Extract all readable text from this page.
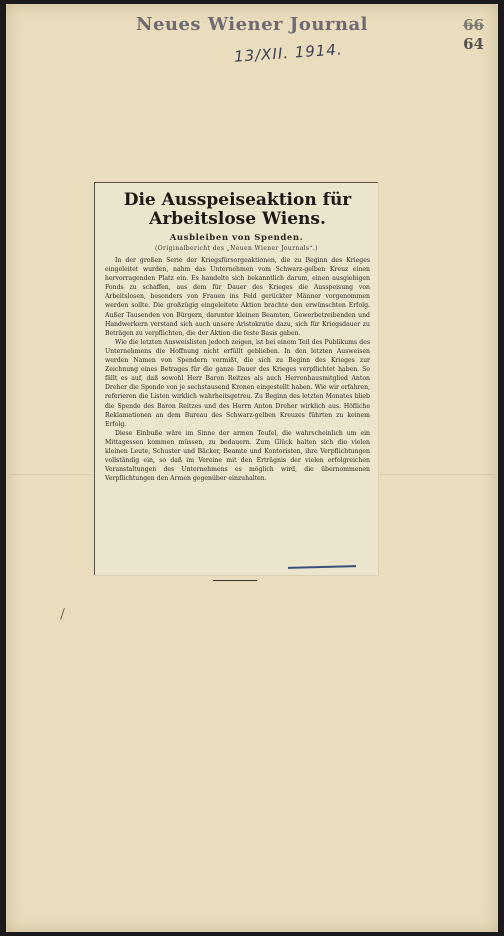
Neues Wiener Journal	66
64
13/XII. 1914.
Die Ausspeiseaktion für Arbeitslose Wiens.
Ausbleiben von Spenden.
(Originalbericht des „Neuen Wiener Journals“.)

In der großen Serie der Kriegsfürsorgeaktionen, die zu Beginn des Krieges eingeleitet wurden, nahm das Unternehmen vom Schwarz-gelben Kreuz einen hervorragenden Platz ein. Es handelte sich bekanntlich darum, einen ausgiebigen Fonds zu schaffen, aus dem für Dauer des Krieges die Ausspeisung von Arbeitslosen, besonders von Frauen ins Feld gerückter Männer vorgenommen werden sollte. Die großzügig eingeleitete Aktion brachte den erwünschten Erfolg. Außer Tausenden von Bürgern, darunter kleinen Beamten, Gewerbetreibenden und Handwerkern verstand sich auch unsere Aristokratie dazu, sich für Kriegsdauer zu Beträgen zu verpflichten, die der Aktion die feste Basis gaben.

Wie die letzten Ausweislisten jedoch zeigen, ist bei einem Teil des Publikums des Unternehmens die Hoffnung nicht erfüllt geblieben. In den letzten Ausweisen werden Namen von Spendern vermißt, die sich zu Beginn des Krieges zur Zeichnung eines Betrages für die ganze Dauer des Krieges verpflichtet haben. So fällt es auf, daß sowohl Herr Baron Reitzes als auch Herrenhausmitglied Anton Dreher die Spende von je sechstausend Kronen eingestellt haben. Wie wir erfahren, referieren die Listen wirklich wahrheitsgetreu. Zu Beginn des letzten Monates blieb die Spende des Baron Reitzes und des Herrn Anton Dreher wirklich aus. Höfliche Reklamationen an dem Bureau des Schwarz-gelben Kreuzes führten zu keinem Erfolg.

Diese Einbuße wäre im Sinne der armen Teufel, die wahrscheinlich um ein Mittagessen kommen müssen, zu bedauern. Zum Glück halten sich die vielen kleinen Leute, Schuster und Bäcker, Beamte und Kontoristen, ihre Verpflichtungen vollständig ein, so daß im Vereine mit den Erträgnis der vielen erfolgreichen Veranstaltungen des Unternehmens es möglich wird, die übernommenen Verpflichtungen den Armen gegenüber einzuhalten.
